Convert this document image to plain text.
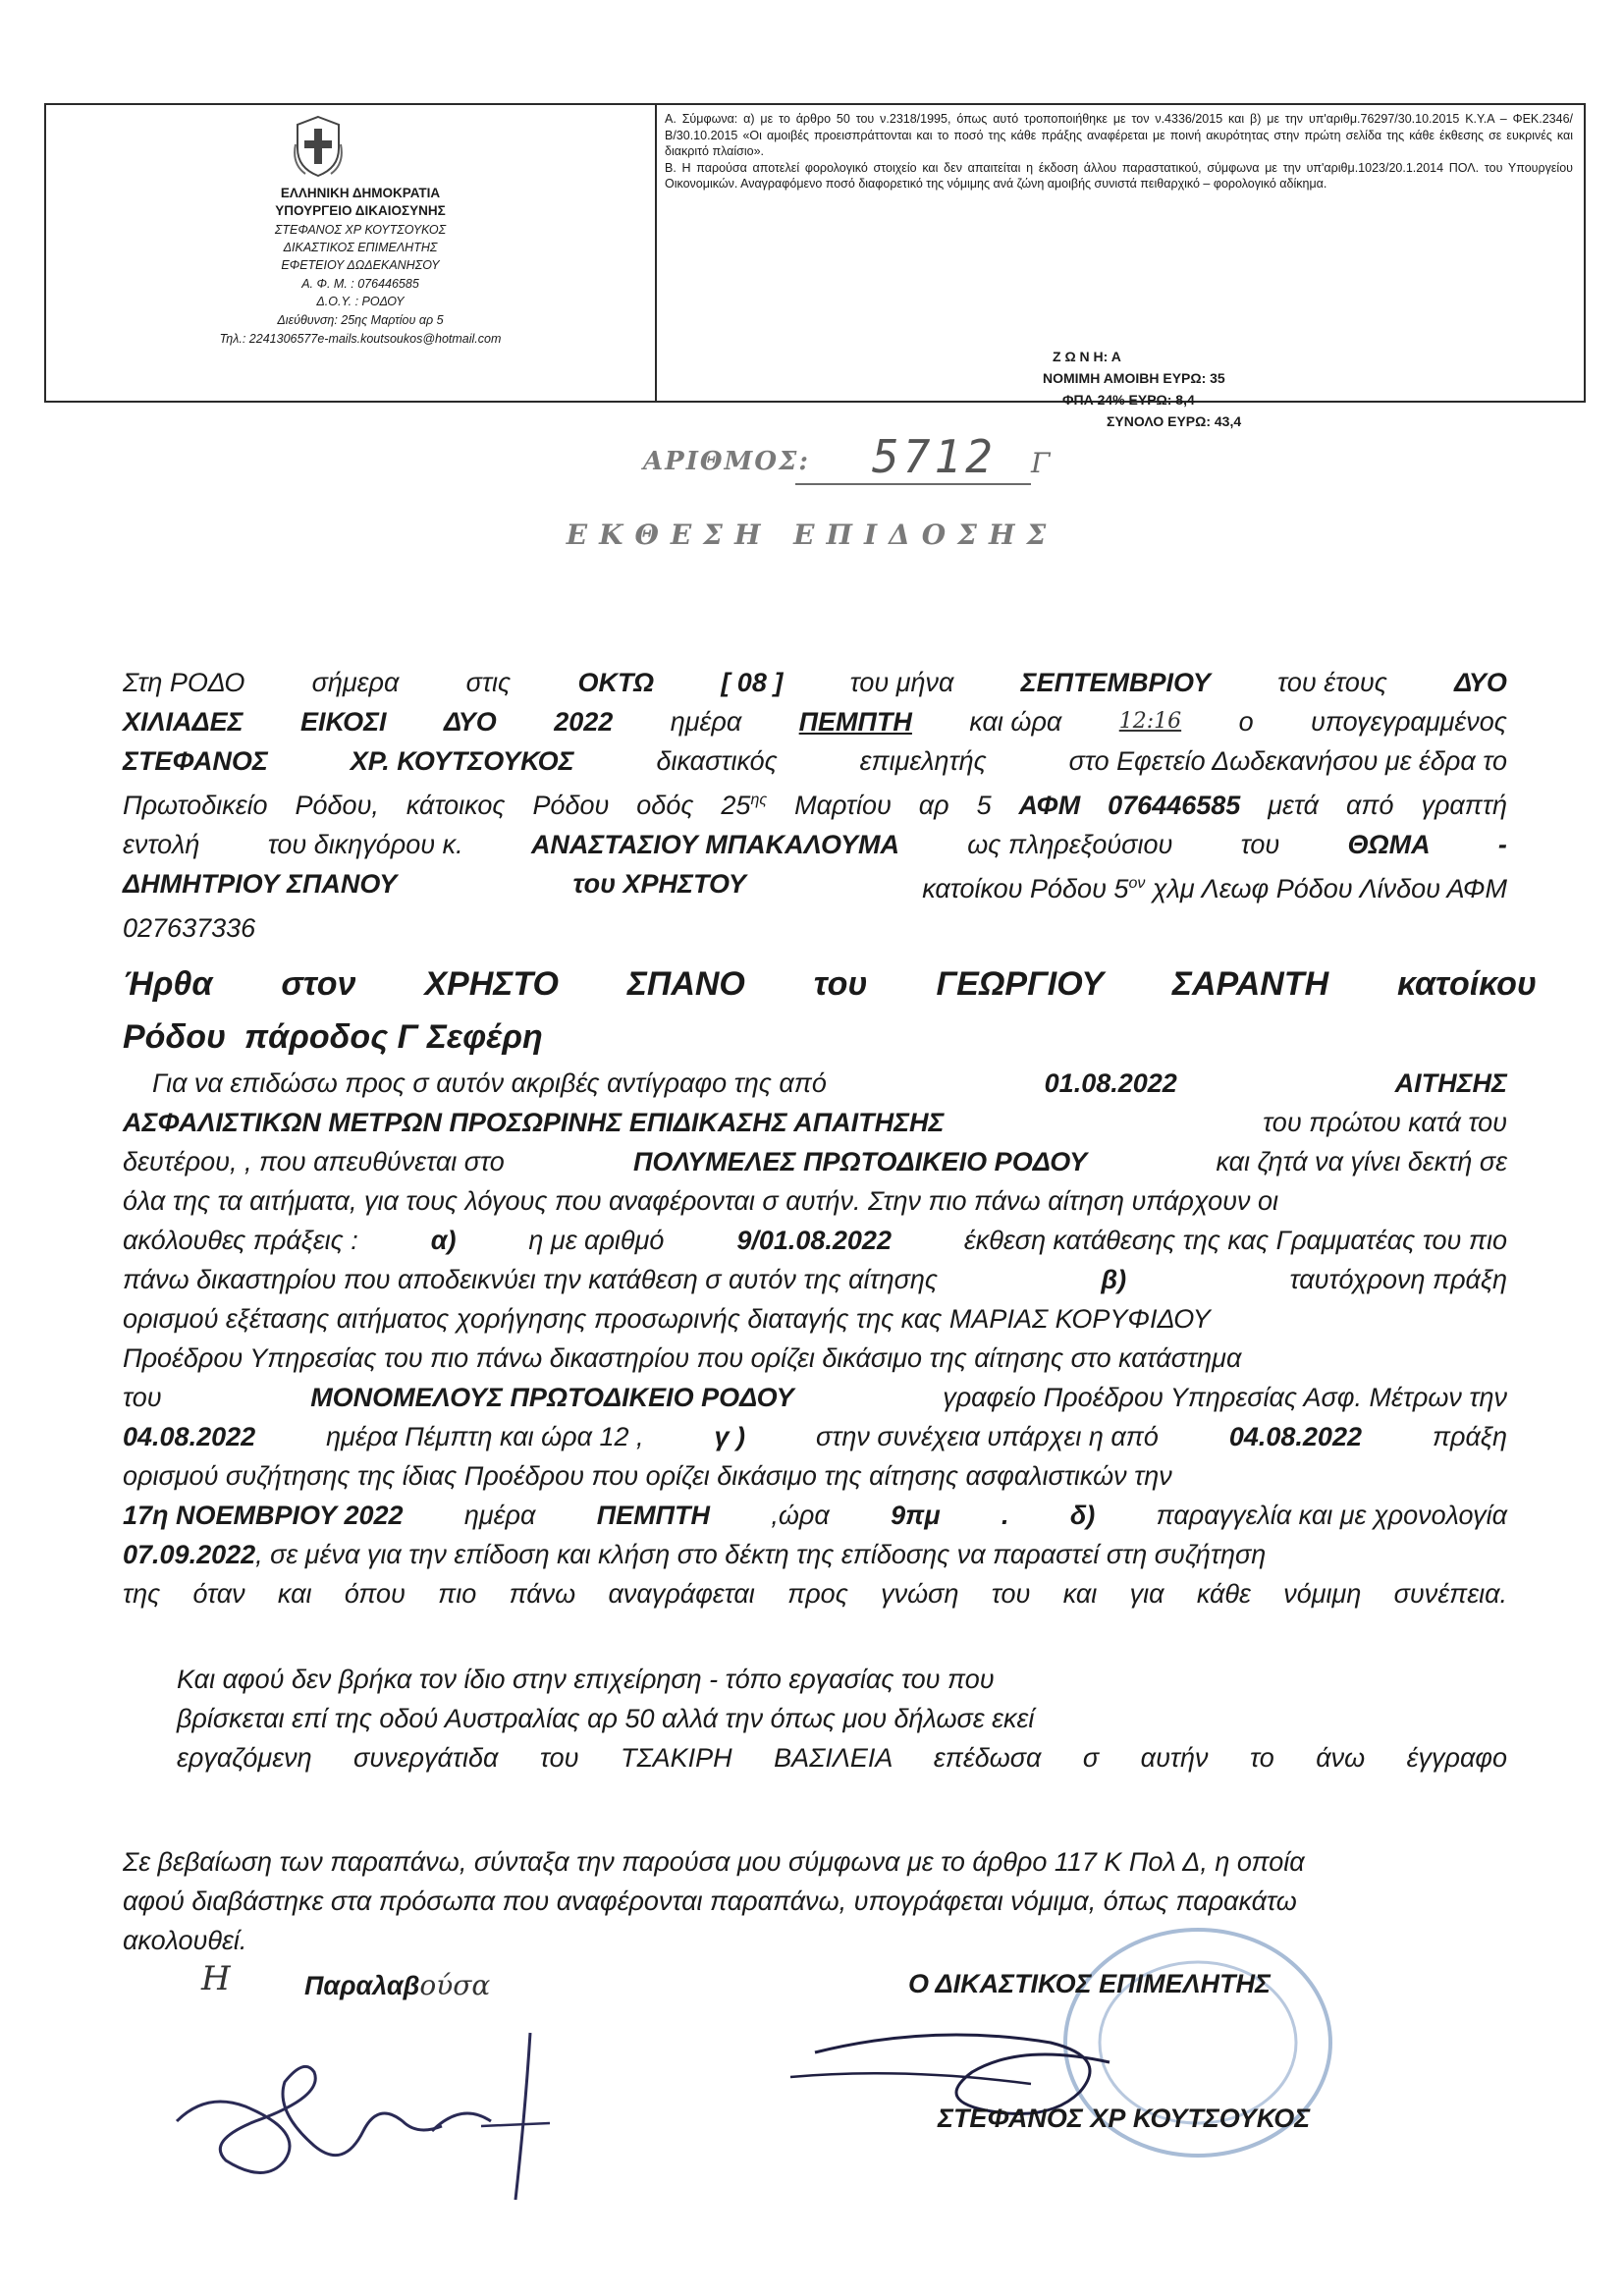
ΕΛΛΗΝΙΚΗ ΔΗΜΟΚΡΑΤΙΑ
ΥΠΟΥΡΓΕΙΟ ΔΙΚΑΙΟΣΥΝΗΣ
ΣΤΕΦΑΝΟΣ ΧΡ ΚΟΥΤΣΟΥΚΟΣ
ΔΙΚΑΣΤΙΚΟΣ ΕΠΙΜΕΛΗΤΗΣ
ΕΦΕΤΕΙΟΥ ΔΩΔΕΚΑΝΗΣΟΥ
Α. Φ. Μ. : 076446585
Δ.Ο.Υ. : ΡΟΔΟΥ
Διεύθυνση: 25ης Μαρτίου αρ 5
Τηλ.: 2241306577e-mails.koutsoukos@hotmail.com

Α. Σύμφωνα: α) με το άρθρο 50 του ν.2318/1995, όπως αυτό τροποποιήθηκε με τον ν.4336/2015 και β) με την υπ'αριθμ.76297/30.10.2015 Κ.Υ.Α – ΦΕΚ.2346/Β/30.10.2015 «Οι αμοιβές προεισπράττονται και το ποσό της κάθε πράξης αναφέρεται με ποινή ακυρότητας στην πρώτη σελίδα της κάθε έκθεσης σε ευκρινές και διακριτό πλαίσιο».

Β. Η παρούσα αποτελεί φορολογικό στοιχείο και δεν απαιτείται η έκδοση άλλου παραστατικού, σύμφωνα με την υπ'αριθμ.1023/20.1.2014 ΠΟΛ. του Υπουργείου Οικονομικών. Αναγραφόμενο ποσό διαφορετικό της νόμιμης ανά ζώνη αμοιβής συνιστά πειθαρχικό – φορολογικό αδίκημα.

Ζ Ω Ν Η: Α
ΝΟΜΙΜΗ ΑΜΟΙΒΗ ΕΥΡΩ: 35
ΦΠΑ 24% ΕΥΡΩ: 8,4
ΣΥΝΟΛΟ ΕΥΡΩ: 43,4
ΑΡΙΘΜΟΣ: 5712 Γ
ΕΚΘΕΣΗ ΕΠΙΔΟΣΗΣ
Στη ΡΟΔΟ	σήμερα	στις	ΟΚΤΩ	[ 08 ]	του μήνα	ΣΕΠΤΕΜΒΡΙΟΥ	του έτους	ΔΥΟ
ΧΙΛΙΑΔΕΣ ΕΙΚΟΣΙ ΔΥΟ 2022 ημέρα ΠΕΜΠΤΗ και ώρα	12:16 ο υπογεγραμμένος
ΣΤΕΦΑΝΟΣ	ΧΡ. ΚΟΥΤΣΟΥΚΟΣ	δικαστικός	επιμελητής	στο Εφετείο Δωδεκανήσου με έδρα το
Πρωτοδικείο Ρόδου, κάτοικος Ρόδου οδός $25^{\eta\varsigma}$ Μαρτίου αρ 5 ΑΦΜ 076446585 μετά από γραπτή
εντολή	του δικηγόρου κ.	ΑΝΑΣΤΑΣΙΟΥ ΜΠΑΚΑΛΟΥΜΑ	ως πληρεξούσιου	του	ΘΩΜΑ	-
ΔΗΜΗΤΡΙΟΥ ΣΠΑΝΟΥ	του ΧΡΗΣΤΟΥ	κατοίκου Ρόδου $5^{o\nu}$ χλμ Λεωφ Ρόδου Λίνδου ΑΦΜ
027637336
Ήρθα στον ΧΡΗΣΤΟ ΣΠΑΝΟ του ΓΕΩΡΓΙΟΥ ΣΑΡΑΝΤΗ κατοίκου
Ρόδου  πάροδος Γ Σεφέρη
Για να επιδώσω προς σ αυτόν ακριβές αντίγραφο της από	01.08.2022	ΑΙΤΗΣΗΣ
ΑΣΦΑΛΙΣΤΙΚΩΝ ΜΕΤΡΩΝ ΠΡΟΣΩΡΙΝΗΣ ΕΠΙΔΙΚΑΣΗΣ ΑΠΑΙΤΗΣΗΣ	του πρώτου κατά του
δευτέρου, , που απευθύνεται στο	ΠΟΛΥΜΕΛΕΣ ΠΡΩΤΟΔΙΚΕΙΟ ΡΟΔΟΥ	και ζητά να γίνει δεκτή σε
όλα της τα αιτήματα, για τους λόγους που αναφέρονται σ αυτήν. Στην πιο πάνω αίτηση υπάρχουν οι
ακόλουθες πράξεις :	α)	η με αριθμό	9/01.08.2022	έκθεση κατάθεσης της κας Γραμματέας του πιο
πάνω δικαστηρίου που αποδεικνύει την κατάθεση σ αυτόν της αίτησης	β)	ταυτόχρονη πράξη
ορισμού εξέτασης αιτήματος χορήγησης προσωρινής διαταγής της κας ΜΑΡΙΑΣ ΚΟΡΥΦΙΔΟΥ
Προέδρου Υπηρεσίας του πιο πάνω δικαστηρίου που ορίζει δικάσιμο της αίτησης στο κατάστημα
του	ΜΟΝΟΜΕΛΟΥΣ ΠΡΩΤΟΔΙΚΕΙΟ ΡΟΔΟΥ	γραφείο Προέδρου Υπηρεσίας Ασφ. Μέτρων την
04.08.2022	ημέρα Πέμπτη και ώρα 12 ,	γ )	στην συνέχεια υπάρχει η από	04.08.2022	πράξη
ορισμού συζήτησης της ίδιας Προέδρου που ορίζει δικάσιμο της αίτησης ασφαλιστικών την
17η ΝΟΕΜΒΡΙΟΥ 2022 ημέρα ΠΕΜΠΤΗ ,ώρα 9πμ . δ) παραγγελία και με χρονολογία
07.09.2022 , σε μένα για την επίδοση και κλήση στο δέκτη της επίδοσης να παραστεί στη συζήτηση
της όταν και όπου πιο πάνω αναγράφεται προς γνώση του και για κάθε νόμιμη συνέπεια.
Και αφού δεν βρήκα τον ίδιο στην επιχείρηση - τόπο εργασίας του που
βρίσκεται επί της οδού Αυστραλίας αρ 50 αλλά την όπως μου δήλωσε εκεί
εργαζόμενη συνεργάτιδα του ΤΣΑΚΙΡΗ ΒΑΣΙΛΕΙΑ επέδωσα σ αυτήν το άνω έγγραφο
Σε βεβαίωση των παραπάνω, σύνταξα την παρούσα μου σύμφωνα με το άρθρο 117 Κ Πολ Δ, η οποία
αφού διαβάστηκε στα πρόσωπα που αναφέρονται παραπάνω, υπογράφεται νόμιμα, όπως παρακάτω
ακολουθεί.
Η	Παραλαβούσα	Ο ΔΙΚΑΣΤΙΚΟΣ ΕΠΙΜΕΛΗΤΗΣ
ΣΤΕΦΑΝΟΣ ΧΡ ΚΟΥΤΣΟΥΚΟΣ
